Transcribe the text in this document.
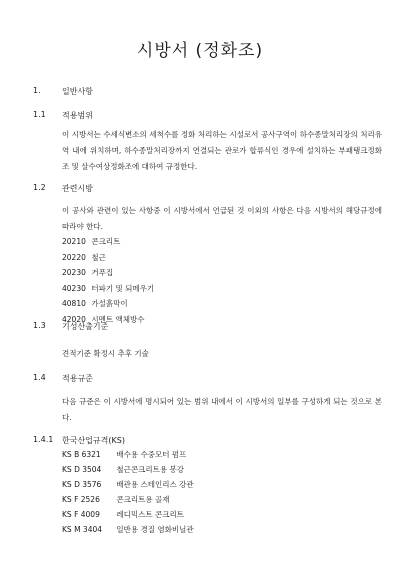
시방서 (정화조)
1.	일반사항
1.1 적용범위

이 시방서는 수세식변소의 세척수를 정화 처리하는 시설로서 공사구역이 하수종말처리장의 처리유역 내에 위치하며, 하수종말처리장까지 연결되는 관로가 합류식인 경우에 설치하는 부패탱크정화조 및 살수여상정화조에 대하여 규정한다.

1.2 관련시방

이 공사와 관련이 있는 사항중 이 시방서에서 언급된 것 이외의 사항은 다음 시방서의 해당규정에 따라야 한다.

20210 콘크리트
20220 철근
20230 거푸집
40230 터파기 및 되메우기
40810 가설흙막이
42020 시멘트 액체방수
1.3 기성산출기준

견적기준 확정시 추후 기술

1.4 적용규준

다음 규준은 이 시방서에 명시되어 있는 범위 내에서 이 시방서의 일부를 구성하게 되는 것으로 본다.

1.4.1 한국산업규격(KS)
KS B 6321 배수용 수중모터 펌프
KS D 3504 철근콘크리트용 봉강
KS D 3576 배관용 스테인리스 강관
KS F 2526 콘크리트용 골재
KS F 4009 레디믹스트 콘크리트
KS M 3404 일반용 경질 염화비닐관
